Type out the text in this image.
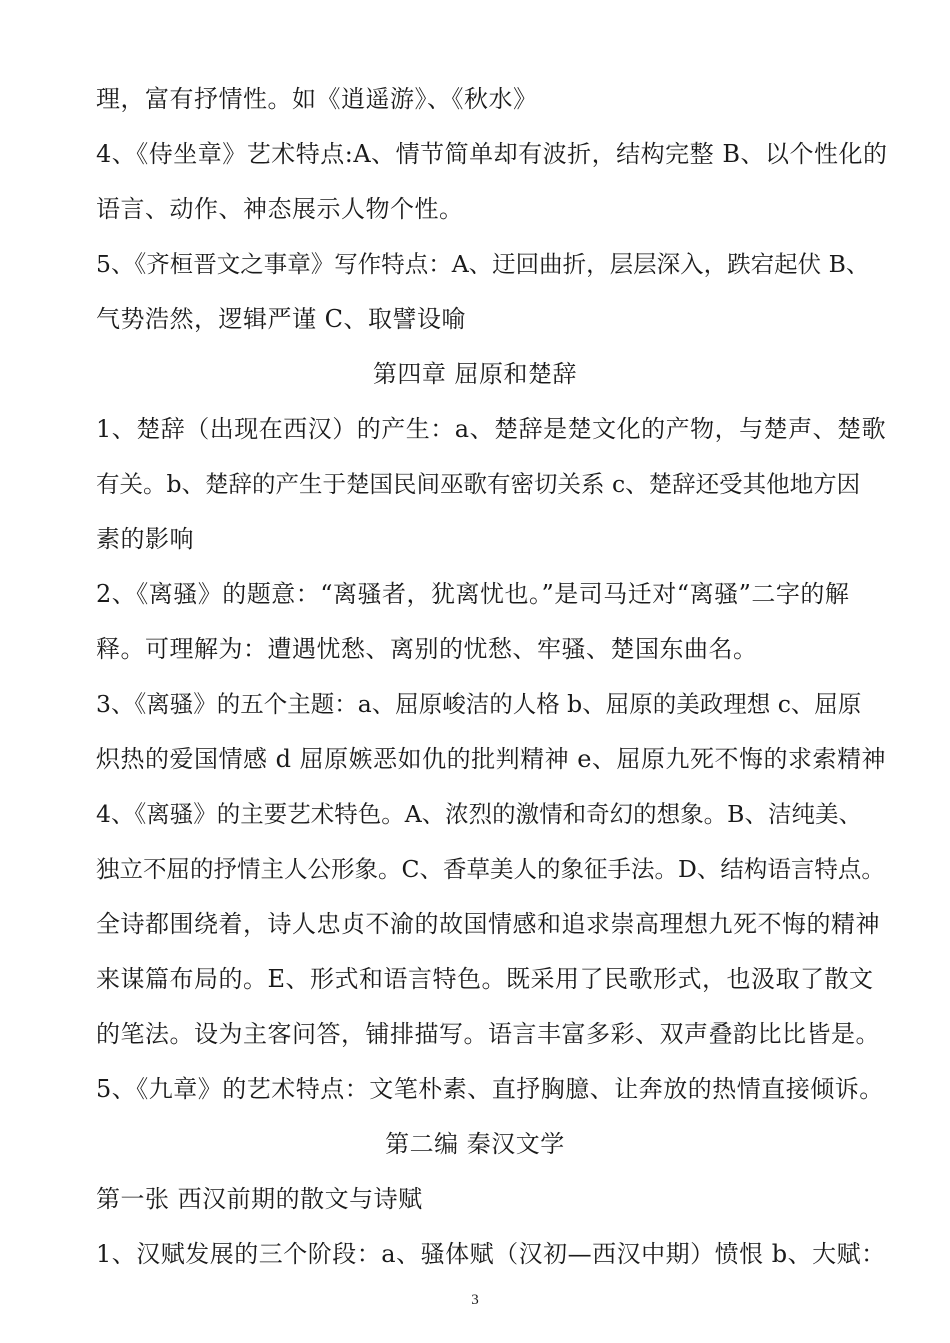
理，富有抒情性。如《逍遥游》、《秋水》
4、《侍坐章》艺术特点:A、情节简单却有波折，结构完整 B、以个性化的
语言、动作、神态展示人物个性。
5、《齐桓晋文之事章》写作特点：A、迂回曲折，层层深入，跌宕起伏 B、
气势浩然，逻辑严谨 C、取譬设喻
第四章 屈原和楚辞
1、楚辞（出现在西汉）的产生：a、楚辞是楚文化的产物，与楚声、楚歌
有关。b、楚辞的产生于楚国民间巫歌有密切关系 c、楚辞还受其他地方因
素的影响
2、《离骚》的题意：“离骚者，犹离忧也。”是司马迁对“离骚”二字的解
释。可理解为：遭遇忧愁、离别的忧愁、牢骚、楚国东曲名。
3、《离骚》的五个主题：a、屈原峻洁的人格 b、屈原的美政理想 c、屈原
炽热的爱国情感 d 屈原嫉恶如仇的批判精神 e、屈原九死不悔的求索精神
4、《离骚》的主要艺术特色。A、浓烈的激情和奇幻的想象。B、洁纯美、
独立不屈的抒情主人公形象。C、香草美人的象征手法。D、结构语言特点。
全诗都围绕着，诗人忠贞不渝的故国情感和追求崇高理想九死不悔的精神
来谋篇布局的。E、形式和语言特色。既采用了民歌形式，也汲取了散文
的笔法。设为主客问答，铺排描写。语言丰富多彩、双声叠韵比比皆是。
5、《九章》的艺术特点：文笔朴素、直抒胸臆、让奔放的热情直接倾诉。
第二编 秦汉文学
第一张 西汉前期的散文与诗赋
1、汉赋发展的三个阶段：a、骚体赋（汉初—西汉中期）愤恨 b、大赋：
3
